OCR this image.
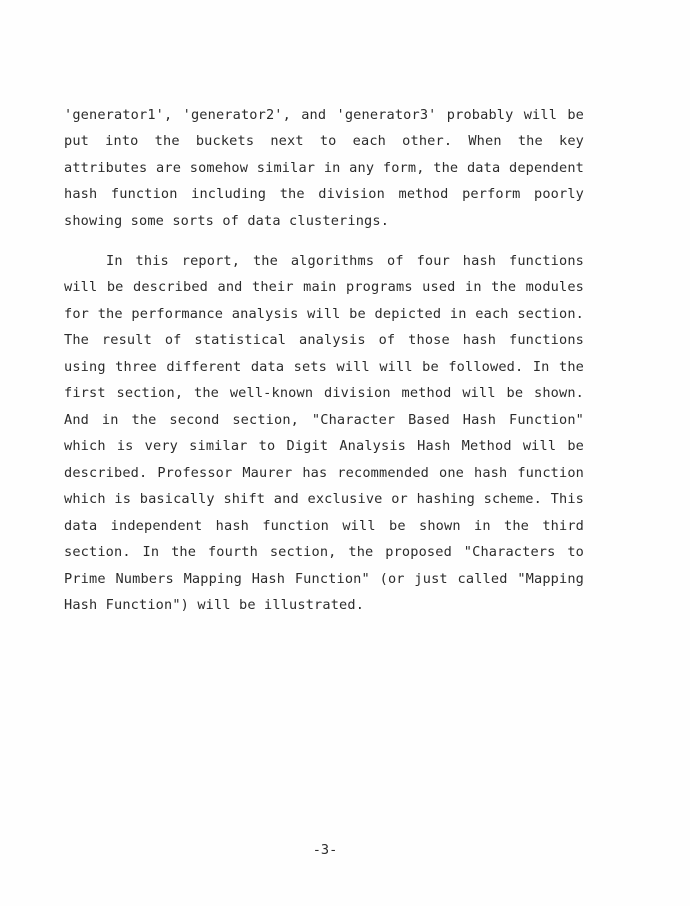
'generator1', 'generator2', and 'generator3' probably will be
put into the buckets next to each other. When the key
attributes are somehow similar in any form, the data dependent
hash function including the division method perform poorly
showing some sorts of data clusterings.
In this report, the algorithms of four hash functions
will be described and their main programs used in the modules
for the performance analysis will be depicted in each section.
The result of statistical analysis of those hash functions
using three different data sets will will be followed. In the
first section, the well-known division method will be shown.
And in the second section, "Character Based Hash Function"
which is very similar to Digit Analysis Hash Method will be
described. Professor Maurer has recommended one hash function
which is basically shift and exclusive or hashing scheme. This
data independent hash function will be shown in the third
section. In the fourth section, the proposed "Characters to
Prime Numbers Mapping Hash Function" (or just called "Mapping
Hash Function") will be illustrated.
-3-
